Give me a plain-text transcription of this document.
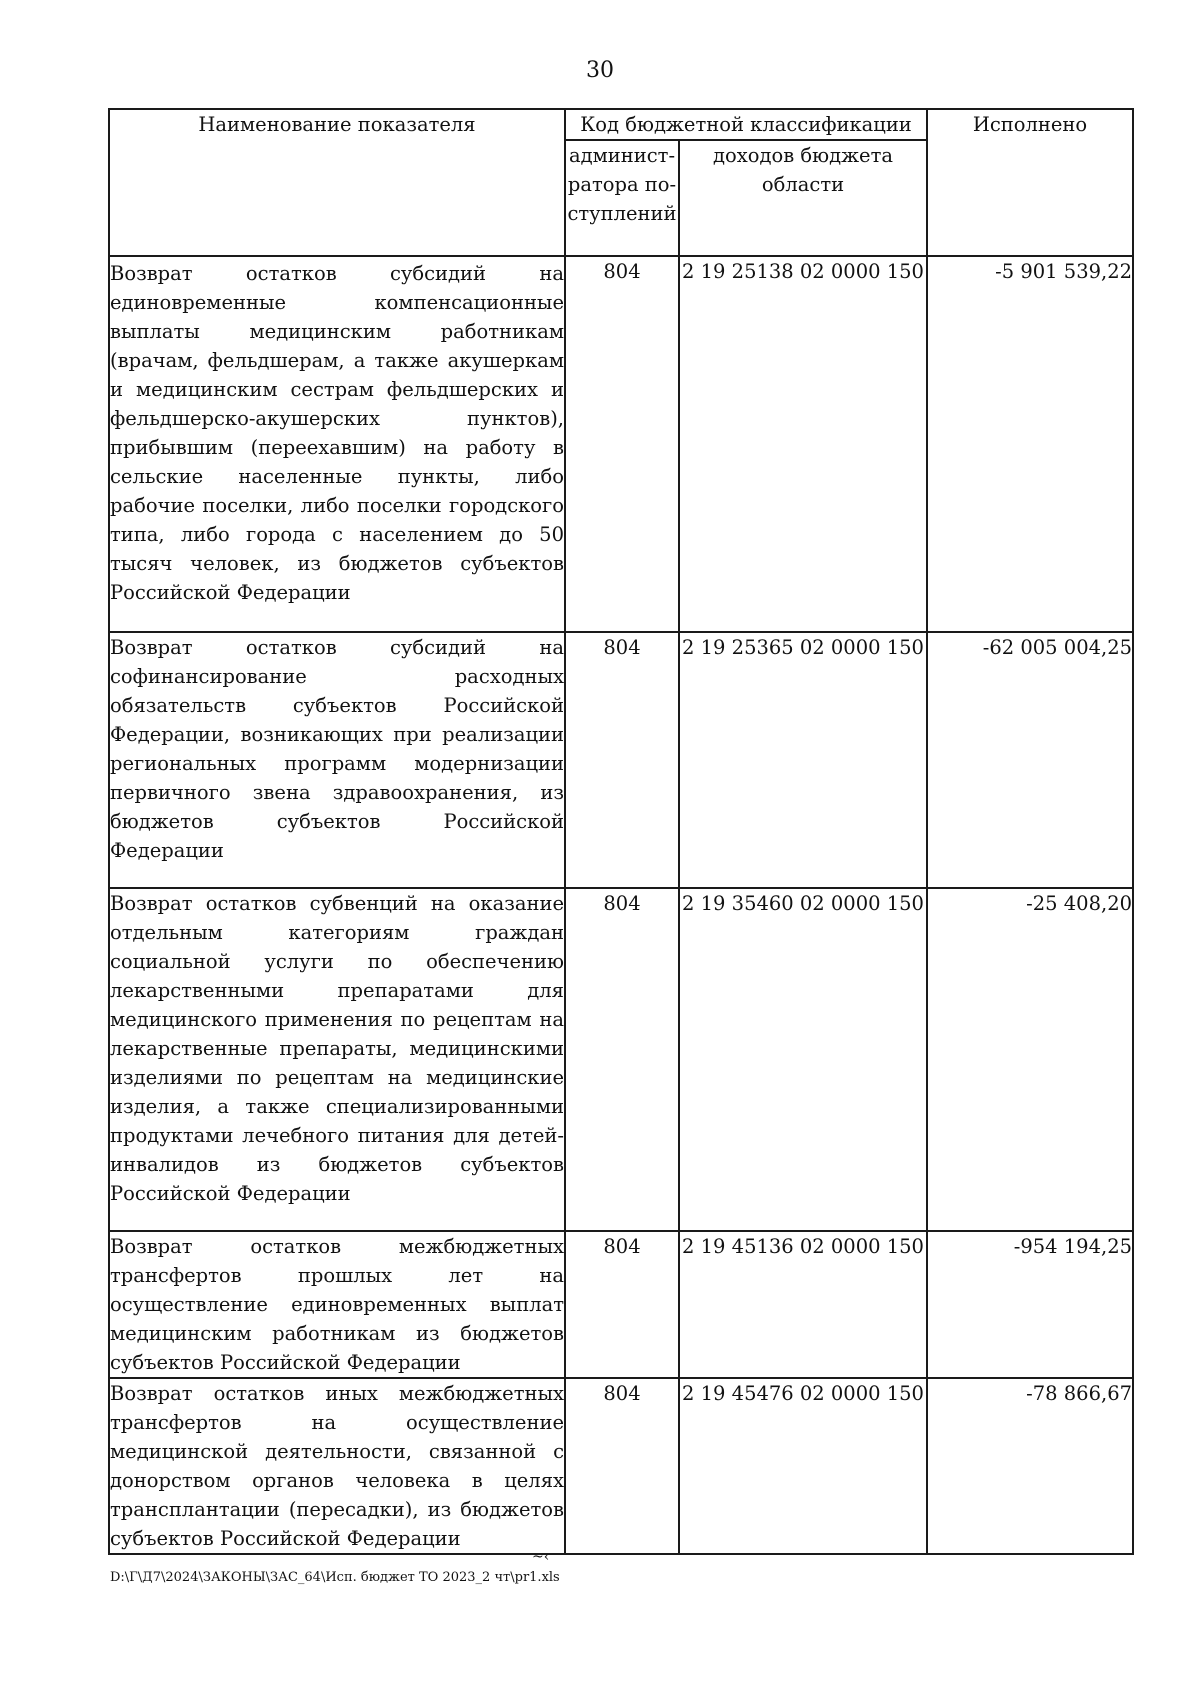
30
Наименование показателя	Код бюджетной классификации		Исполнено
	админист-ратора по-ступлений	доходов бюджета области	
Возврат остатков субсидий на единовременные компенсационные выплаты медицинским работникам (врачам, фельдшерам, а также акушеркам и медицинским сестрам фельдшерских и фельдшерско-акушерских пунктов), прибывшим (переехавшим) на работу в сельские населенные пункты, либо рабочие поселки, либо поселки городского типа, либо города с населением до 50 тысяч человек, из бюджетов субъектов Российской Федерации	804	2 19 25138 02 0000 150	-5 901 539,22
Возврат остатков субсидий на софинансирование расходных обязательств субъектов Российской Федерации, возникающих при реализации региональных программ модернизации первичного звена здравоохранения, из бюджетов субъектов Российской Федерации	804	2 19 25365 02 0000 150	-62 005 004,25
Возврат остатков субвенций на оказание отдельным категориям граждан социальной услуги по обеспечению лекарственными препаратами для медицинского применения по рецептам на лекарственные препараты, медицинскими изделиями по рецептам на медицинские изделия, а также специализированными продуктами лечебного питания для детей-инвалидов из бюджетов субъектов Российской Федерации	804	2 19 35460 02 0000 150	-25 408,20
Возврат остатков межбюджетных трансфертов прошлых лет на осуществление единовременных выплат медицинским работникам из бюджетов субъектов Российской Федерации	804	2 19 45136 02 0000 150	-954 194,25
Возврат остатков иных межбюджетных трансфертов на осуществление медицинской деятельности, связанной с донорством органов человека в целях трансплантации (пересадки), из бюджетов субъектов Российской Федерации	804	2 19 45476 02 0000 150	-78 866,67
~‹
D:\Г\Д7\2024\ЗАКОНЫ\ЗАС_64\Исп. бюджет ТО 2023_2 чт\pr1.xls
